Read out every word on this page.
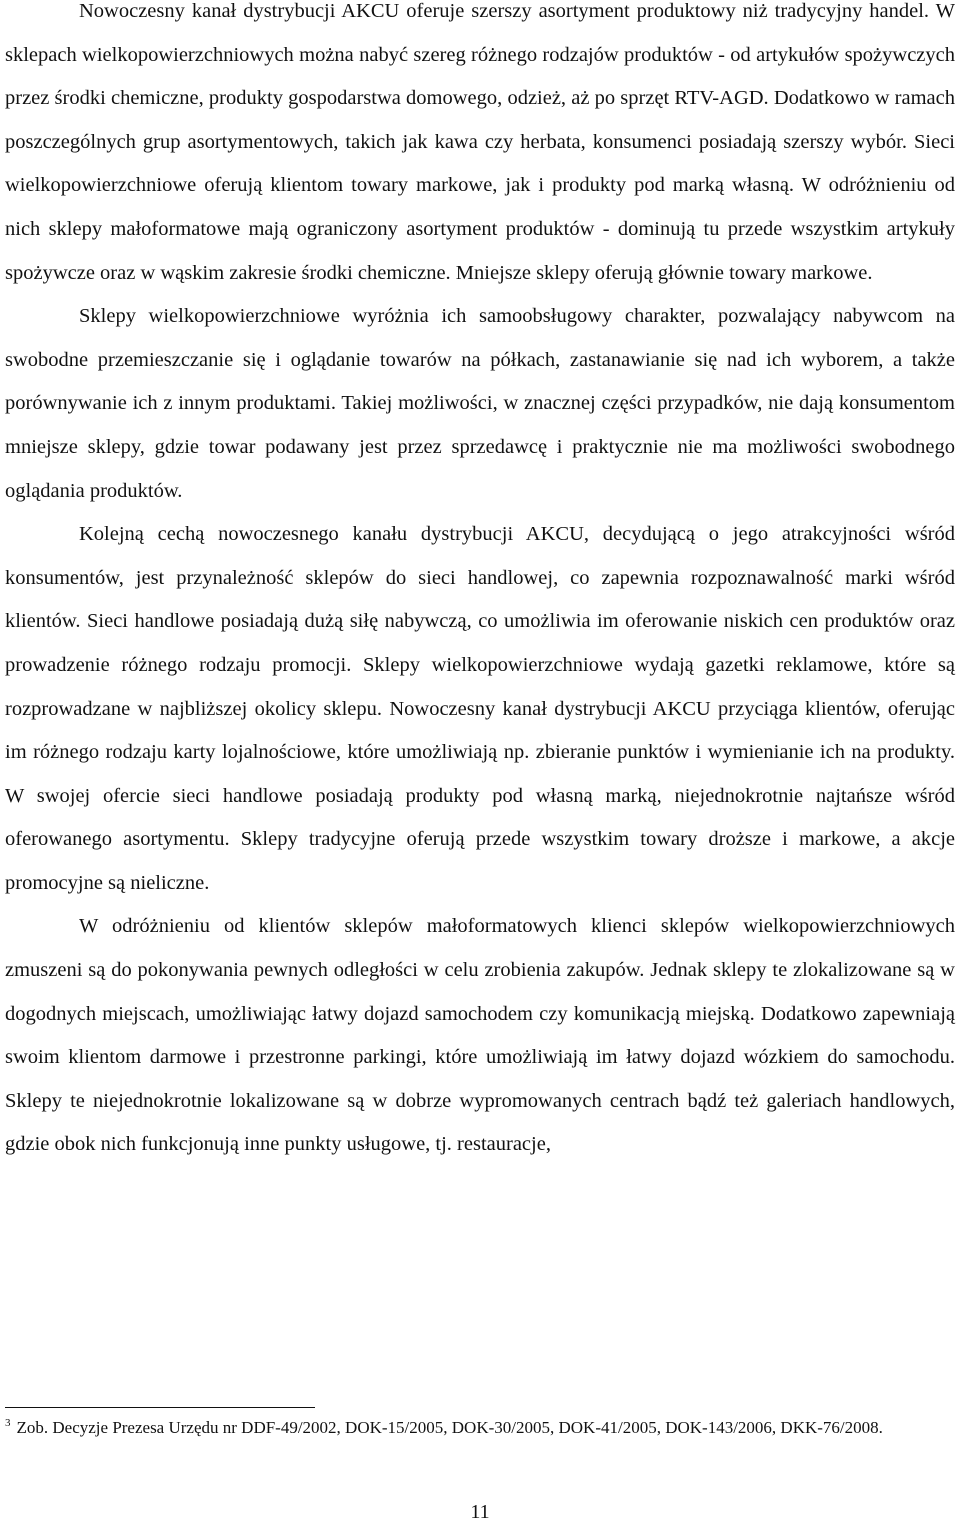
Nowoczesny kanał dystrybucji AKCU oferuje szerszy asortyment produktowy niż tradycyjny handel. W sklepach wielkopowierzchniowych można nabyć szereg różnego rodzajów produktów - od artykułów spożywczych przez środki chemiczne, produkty gospodarstwa domowego, odzież, aż po sprzęt RTV-AGD. Dodatkowo w ramach poszczególnych grup asortymentowych, takich jak kawa czy herbata, konsumenci posiadają szerszy wybór. Sieci wielkopowierzchniowe oferują klientom towary markowe, jak i produkty pod marką własną. W odróżnieniu od nich sklepy małoformatowe mają ograniczony asortyment produktów - dominują tu przede wszystkim artykuły spożywcze oraz w wąskim zakresie środki chemiczne. Mniejsze sklepy oferują głównie towary markowe.

Sklepy wielkopowierzchniowe wyróżnia ich samoobsługowy charakter, pozwalający nabywcom na swobodne przemieszczanie się i oglądanie towarów na półkach, zastanawianie się nad ich wyborem, a także porównywanie ich z innym produktami. Takiej możliwości, w znacznej części przypadków, nie dają konsumentom mniejsze sklepy, gdzie towar podawany jest przez sprzedawcę i praktycznie nie ma możliwości swobodnego oglądania produktów.

Kolejną cechą nowoczesnego kanału dystrybucji AKCU, decydującą o jego atrakcyjności wśród konsumentów, jest przynależność sklepów do sieci handlowej, co zapewnia rozpoznawalność marki wśród klientów. Sieci handlowe posiadają dużą siłę nabywczą, co umożliwia im oferowanie niskich cen produktów oraz prowadzenie różnego rodzaju promocji. Sklepy wielkopowierzchniowe wydają gazetki reklamowe, które są rozprowadzane w najbliższej okolicy sklepu. Nowoczesny kanał dystrybucji AKCU przyciąga klientów, oferując im różnego rodzaju karty lojalnościowe, które umożliwiają np. zbieranie punktów i wymienianie ich na produkty. W swojej ofercie sieci handlowe posiadają produkty pod własną marką, niejednokrotnie najtańsze wśród oferowanego asortymentu. Sklepy tradycyjne oferują przede wszystkim towary droższe i markowe, a akcje promocyjne są nieliczne.

W odróżnieniu od klientów sklepów małoformatowych klienci sklepów wielkopowierzchniowych zmuszeni są do pokonywania pewnych odległości w celu zrobienia zakupów. Jednak sklepy te zlokalizowane są w dogodnych miejscach, umożliwiając łatwy dojazd samochodem czy komunikacją miejską. Dodatkowo zapewniają swoim klientom darmowe i przestronne parkingi, które umożliwiają im łatwy dojazd wózkiem do samochodu. Sklepy te niejednokrotnie lokalizowane są w dobrze wypromowanych centrach bądź też galeriach handlowych, gdzie obok nich funkcjonują inne punkty usługowe, tj. restauracje,

$^3$ Zob. Decyzje Prezesa Urzędu nr DDF-49/2002, DOK-15/2005, DOK-30/2005, DOK-41/2005, DOK-143/2006, DKK-76/2008.

11
